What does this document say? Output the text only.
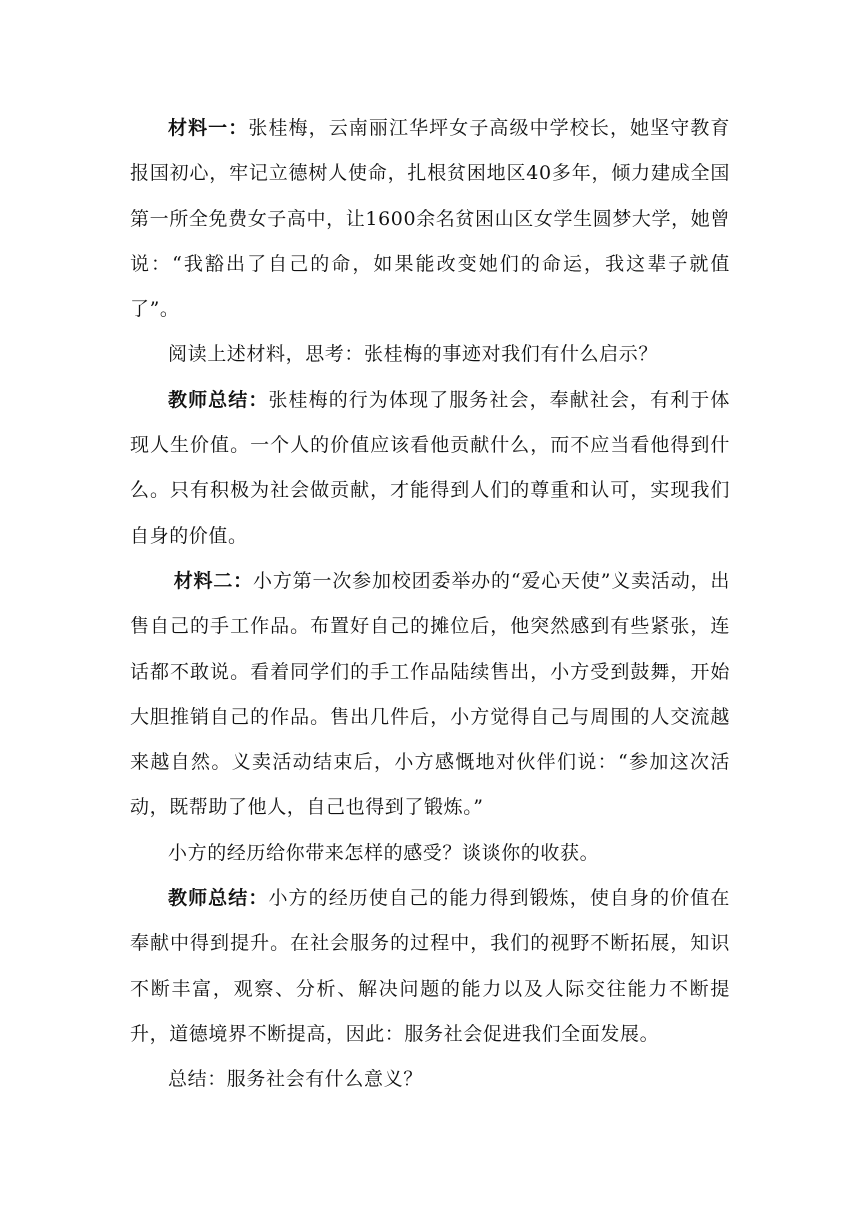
材料一：张桂梅，云南丽江华坪女子高级中学校长，她坚守教育报国初心，牢记立德树人使命，扎根贫困地区40多年，倾力建成全国第一所全免费女子高中，让1600余名贫困山区女学生圆梦大学，她曾说：“我豁出了自己的命，如果能改变她们的命运，我这辈子就值了”。

阅读上述材料，思考：张桂梅的事迹对我们有什么启示？

教师总结：张桂梅的行为体现了服务社会，奉献社会，有利于体现人生价值。一个人的价值应该看他贡献什么，而不应当看他得到什么。只有积极为社会做贡献，才能得到人们的尊重和认可，实现我们自身的价值。

材料二：小方第一次参加校团委举办的“爱心天使”义卖活动，出售自己的手工作品。布置好自己的摊位后，他突然感到有些紧张，连话都不敢说。看着同学们的手工作品陆续售出，小方受到鼓舞，开始大胆推销自己的作品。售出几件后，小方觉得自己与周围的人交流越来越自然。义卖活动结束后，小方感慨地对伙伴们说：“参加这次活动，既帮助了他人，自己也得到了锻炼。”

小方的经历给你带来怎样的感受？谈谈你的收获。

教师总结：小方的经历使自己的能力得到锻炼，使自身的价值在奉献中得到提升。在社会服务的过程中，我们的视野不断拓展，知识不断丰富，观察、分析、解决问题的能力以及人际交往能力不断提升，道德境界不断提高，因此：服务社会促进我们全面发展。

总结：服务社会有什么意义？
